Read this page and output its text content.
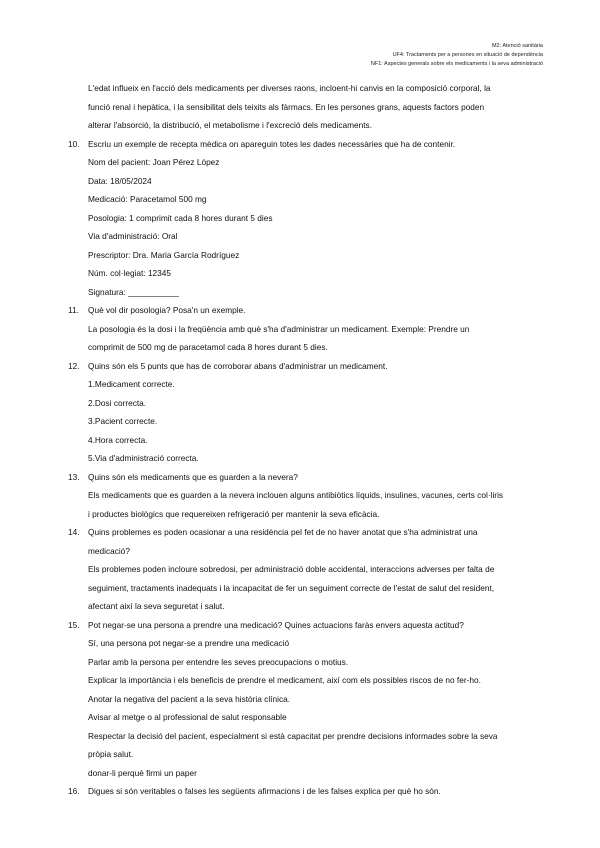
M2: Atenció sanitària
UF4: Tractaments per a persones en situació de dependència
NF1: Aspectes generals sobre els medicaments i la seva administració
L'edat influeix en l'acció dels medicaments per diverses raons, incloent-hi canvis en la composició corporal, la
funció renal i hepàtica, i la sensibilitat dels teixits als fàrmacs. En les persones grans, aquests factors poden
alterar l'absorció, la distribució, el metabolisme i l'excreció dels medicaments.
10. Escriu un exemple de recepta mèdica on apareguin totes les dades necessàries que ha de contenir.
Nom del pacient: Joan Pérez López
Data: 18/05/2024
Medicació: Paracetamol 500 mg
Posologia: 1 comprimit cada 8 hores durant 5 dies
Via d'administració: Oral
Prescriptor: Dra. Maria García Rodríguez
Núm. col·legiat: 12345
Signatura: ___________
11. Què vol dir posologia? Posa'n un exemple.
La posologia és la dosi i la freqüència amb què s'ha d'administrar un medicament. Exemple: Prendre un
comprimit de 500 mg de paracetamol cada 8 hores durant 5 dies.
12. Quins són els 5 punts que has de corroborar abans d'administrar un medicament.
1.Medicament correcte.
2.Dosi correcta.
3.Pacient correcte.
4.Hora correcta.
5.Via d'administració correcta.
13. Quins són els medicaments que es guarden a la nevera?
Els medicaments que es guarden a la nevera inclouen alguns antibiòtics líquids, insulines, vacunes, certs col·liris
i productes biològics que requereixen refrigeració per mantenir la seva eficàcia.
14. Quins problemes es poden ocasionar a una residència pel fet de no haver anotat que s'ha administrat una
medicació?
Els problemes poden incloure sobredosi, per administració doble accidental, interaccions adverses per falta de
seguiment, tractaments inadequats i la incapacitat de fer un seguiment correcte de l'estat de salut del resident,
afectant així la seva seguretat i salut.
15. Pot negar-se una persona a prendre una medicació? Quines actuacions faràs envers aquesta actitud?
Sí, una persona pot negar-se a prendre una medicació
Parlar amb la persona per entendre les seves preocupacions o motius.
Explicar la importància i els beneficis de prendre el medicament, així com els possibles riscos de no fer-ho.
Anotar la negativa del pacient a la seva història clínica.
Avisar al metge o al professional de salut responsable
Respectar la decisió del pacient, especialment si està capacitat per prendre decisions informades sobre la seva
pròpia salut.
donar-li perquè firmi un paper
16. Digues si són veritables o falses les següents afirmacions i de les falses explica per què ho són.
